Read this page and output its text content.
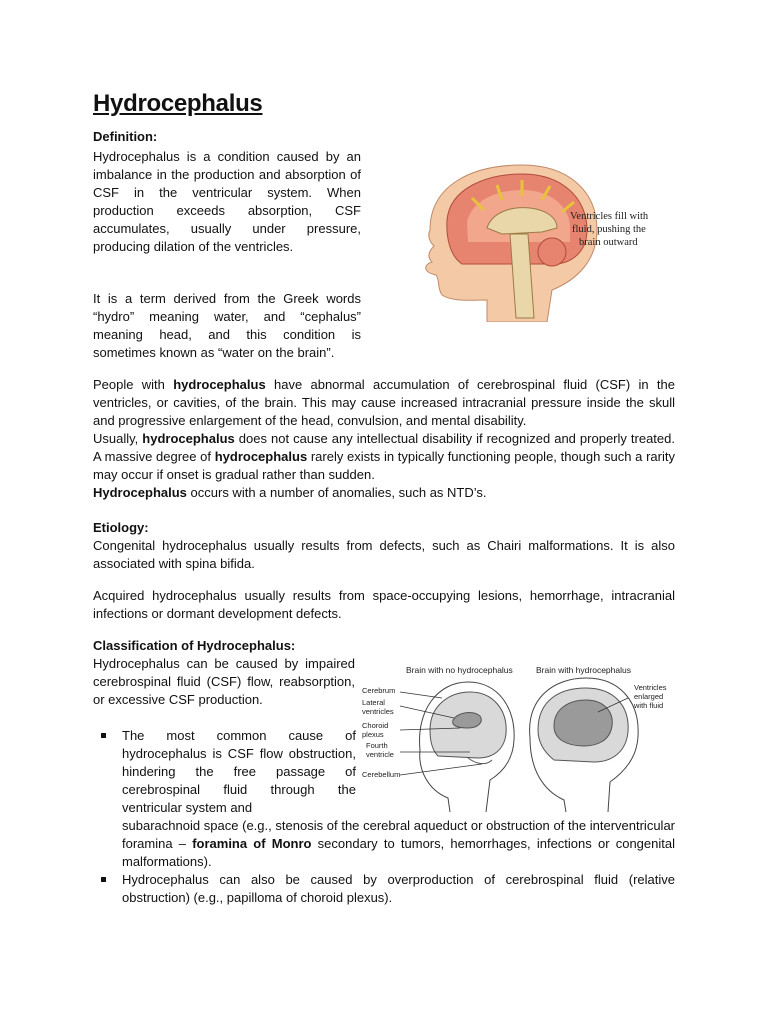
Hydrocephalus

Definition:

Hydrocephalus is a condition caused by an imbalance in the production and absorption of CSF in the ventricular system. When production exceeds absorption, CSF accumulates, usually under pressure, producing dilation of the ventricles.

It is a term derived from the Greek words “hydro” meaning water, and “cephalus” meaning head, and this condition is sometimes known as “water on the brain”.

Ventricles fill with
fluid, pushing the
brain outward

People with hydrocephalus have abnormal accumulation of cerebrospinal fluid (CSF) in the ventricles, or cavities, of the brain. This may cause increased intracranial pressure inside the skull and progressive enlargement of the head, convulsion, and mental disability.

Usually, hydrocephalus does not cause any intellectual disability if recognized and properly treated. A massive degree of hydrocephalus rarely exists in typically functioning people, though such a rarity may occur if onset is gradual rather than sudden.

Hydrocephalus occurs with a number of anomalies, such as NTD’s.

Etiology:

Congenital hydrocephalus usually results from defects, such as Chairi malformations. It is also associated with spina bifida.

Acquired hydrocephalus usually results from space-occupying lesions, hemorrhage, intracranial infections or dormant development defects.

Classification of Hydrocephalus:

Hydrocephalus can be caused by impaired cerebrospinal fluid (CSF) flow, reabsorption, or excessive CSF production.

The most common cause of hydrocephalus is CSF flow obstruction, hindering the free passage of cerebrospinal fluid through the ventricular system and

subarachnoid space (e.g., stenosis of the cerebral aqueduct or obstruction of the interventricular foramina – foramina of Monro secondary to tumors, hemorrhages, infections or congenital malformations).

Hydrocephalus can also be caused by overproduction of cerebrospinal fluid (relative obstruction) (e.g., papilloma of choroid plexus).

Brain with no hydrocephalus	Brain with hydrocephalus
Cerebrum
Lateral
ventricles
Choroid
plexus
Fourth
ventricle
Cerebellum
Ventricles
enlarged
with fluid
